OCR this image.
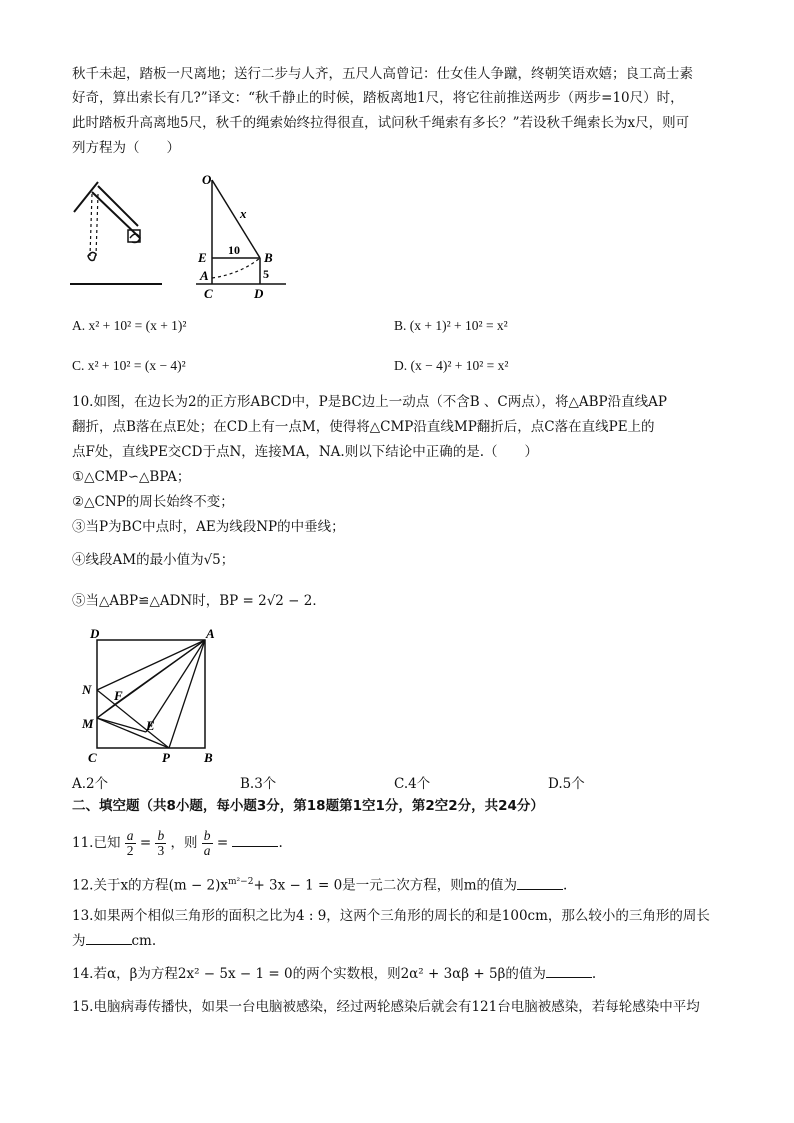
秋千未起，踏板一尺离地；送行二步与人齐，五尺人高曾记：仕女佳人争蹴，终朝笑语欢嬉；良工高士素
好奇，算出索长有几?”译文：“秋千静止的时候，踏板离地1尺，将它往前推送两步（两步=10尺）时，
此时踏板升高离地5尺，秋千的绳索始终拉得很直，试问秋千绳索有多长？”若设秋千绳索长为x尺，则可
列方程为（　　）
O
x
E 10 B
A	5
C	D
A. x² + 10² = (x + 1)²	B. (x + 1)² + 10² = x²
C. x² + 10² = (x − 4)²	D. (x − 4)² + 10² = x²
10.如图，在边长为2的正方形ABCD中，P是BC边上一动点（不含B 、C两点），将△ABP沿直线AP
翻折，点B落在点E处；在CD上有一点M，使得将△CMP沿直线MP翻折后，点C落在直线PE上的
点F处，直线PE交CD于点N，连接MA，NA.则以下结论中正确的是.（　　）
①△CMP∽△BPA；
②△CNP的周长始终不变；
③当P为BC中点时，AE为线段NP的中垂线；
④线段AM的最小值为√5；
⑤当△ABP≌△ADN时，BP = 2√2 − 2．
D	A
N F
M	E
C	P	B
A.2个	B.3个	C.4个	D.5个
二、填空题（共8小题，每小题3分，第18题第1空1分，第2空2分，共24分）
11.已知 $\frac{a}{2} = \frac{b}{3}$ ，则 $\frac{b}{a}$ =	.
12.关于x的方程$(m - 2)x^{m^2-2}+ 3x - 1 = 0$是一元二次方程，则m的值为	.
13.如果两个相似三角形的面积之比为4 : 9，这两个三角形的周长的和是100cm，那么较小的三角形的周长
为	cm.
14.若α，β为方程2x² − 5x − 1 = 0的两个实数根，则2α² + 3αβ + 5β的值为	.
15.电脑病毒传播快，如果一台电脑被感染，经过两轮感染后就会有121台电脑被感染，若每轮感染中平均
